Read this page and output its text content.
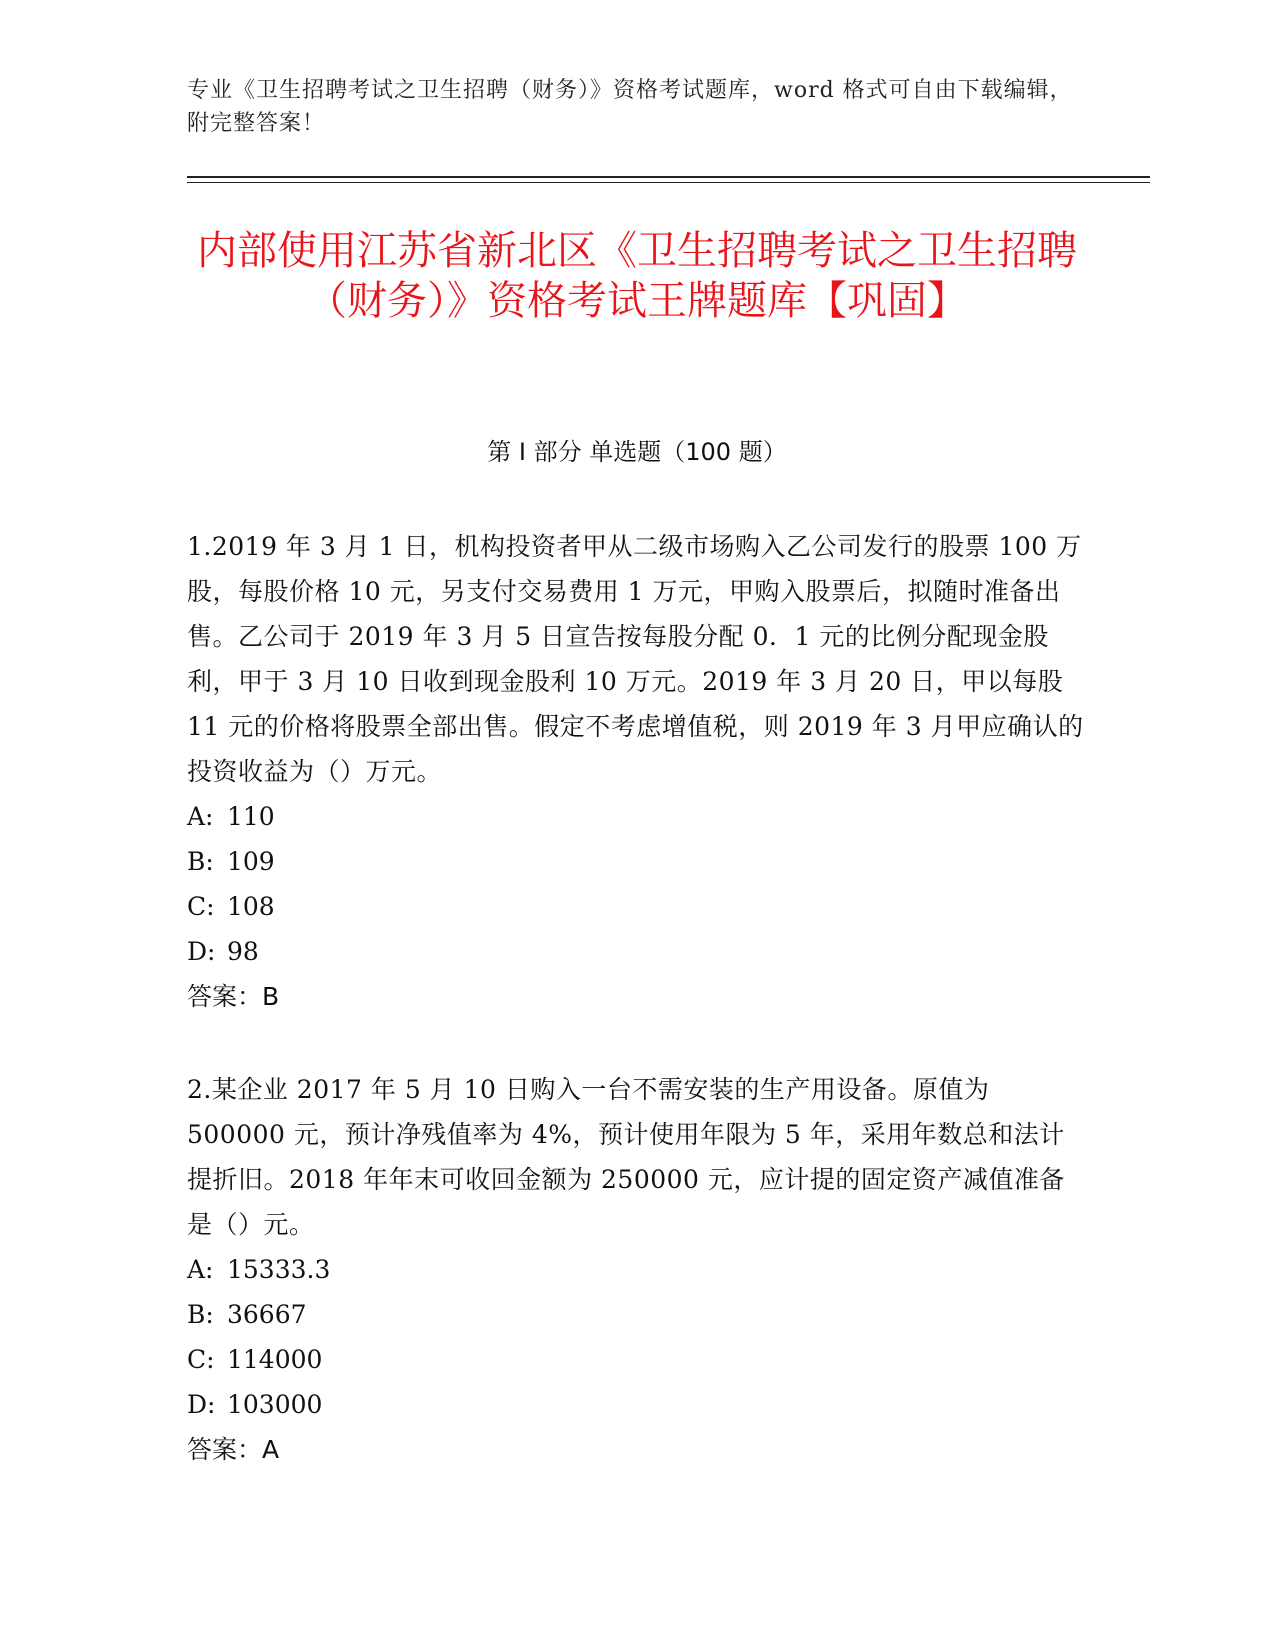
专业《卫生招聘考试之卫生招聘（财务）》资格考试题库，word 格式可自由下载编辑，附完整答案！
内部使用江苏省新北区《卫生招聘考试之卫生招聘（财务）》资格考试王牌题库【巩固】
第 I 部分 单选题（100 题）
1.2019 年 3 月 1 日，机构投资者甲从二级市场购入乙公司发行的股票 100 万股，每股价格 10 元，另支付交易费用 1 万元，甲购入股票后，拟随时准备出售。乙公司于 2019 年 3 月 5 日宣告按每股分配 0．1 元的比例分配现金股利，甲于 3 月 10 日收到现金股利 10 万元。2019 年 3 月 20 日，甲以每股 11 元的价格将股票全部出售。假定不考虑增值税，则 2019 年 3 月甲应确认的投资收益为（）万元。
A: 110
B: 109
C: 108
D: 98
答案：B
2.某企业 2017 年 5 月 10 日购入一台不需安装的生产用设备。原值为 500000 元，预计净残值率为 4%，预计使用年限为 5 年，采用年数总和法计提折旧。2018 年年末可收回金额为 250000 元，应计提的固定资产减值准备是（）元。
A: 15333.3
B: 36667
C: 114000
D: 103000
答案：A
